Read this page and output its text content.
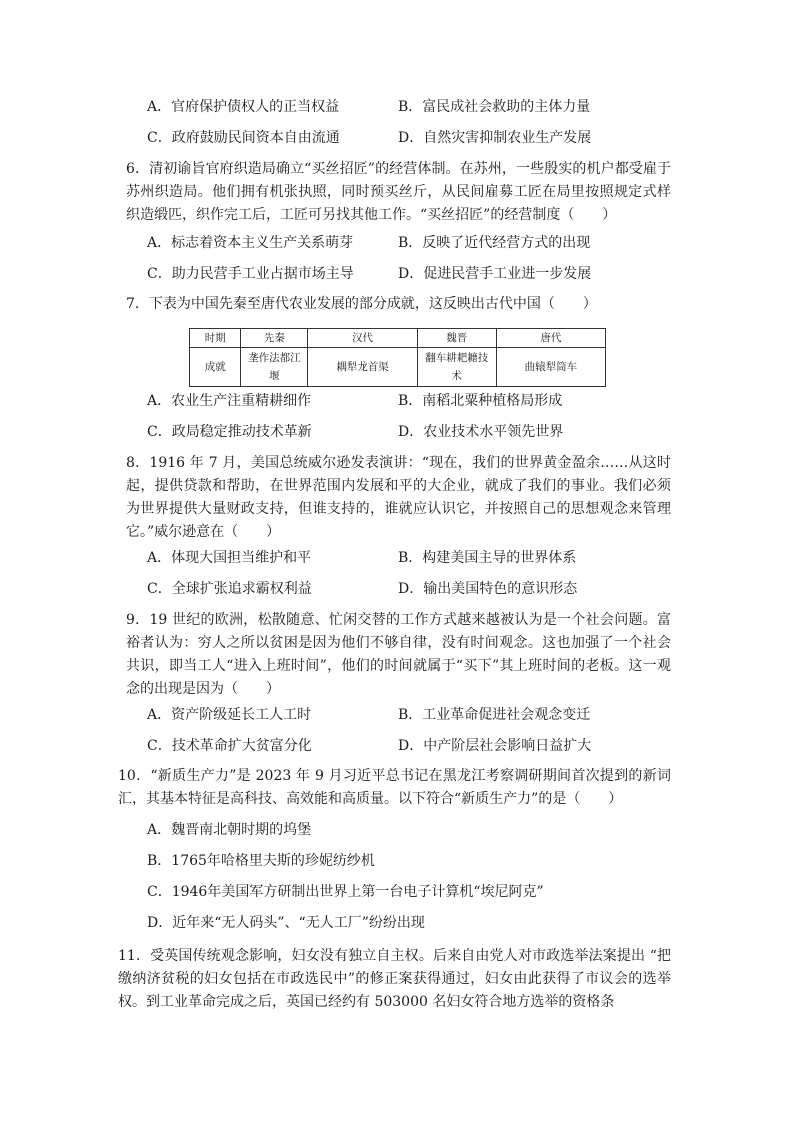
A．官府保护债权人的正当权益	B．富民成社会救助的主体力量
C．政府鼓励民间资本自由流通	D．自然灾害抑制农业生产发展
6．清初谕旨官府织造局确立“买丝招匠”的经营体制。在苏州，一些殷实的机户都受雇于苏州织造局。他们拥有机张执照，同时预买丝斤，从民间雇募工匠在局里按照规定式样织造缎匹，织作完工后，工匠可另找其他工作。“买丝招匠”的经营制度（　　）
A．标志着资本主义生产关系萌芽	B．反映了近代经营方式的出现
C．助力民营手工业占据市场主导	D．促进民营手工业进一步发展
7．下表为中国先秦至唐代农业发展的部分成就，这反映出古代中国（　　）
时期	先秦	汉代	魏晋	唐代
成就	垄作法都江堰	耦犁龙首渠	翻车耕耙耱技术	曲辕犁筒车
A．农业生产注重精耕细作	B．南稻北粟种植格局形成
C．政局稳定推动技术革新	D．农业技术水平领先世界
8．1916 年 7 月，美国总统威尔逊发表演讲：“现在，我们的世界黄金盈余……从这时起，提供贷款和帮助，在世界范围内发展和平的大企业，就成了我们的事业。我们必须为世界提供大量财政支持，但谁支持的，谁就应认识它，并按照自己的思想观念来管理它。”威尔逊意在（　　）
A．体现大国担当维护和平	B．构建美国主导的世界体系
C．全球扩张追求霸权利益	D．输出美国特色的意识形态
9．19 世纪的欧洲，松散随意、忙闲交替的工作方式越来越被认为是一个社会问题。富裕者认为：穷人之所以贫困是因为他们不够自律，没有时间观念。这也加强了一个社会共识，即当工人“进入上班时间”，他们的时间就属于“买下”其上班时间的老板。这一观念的出现是因为（　　）
A．资产阶级延长工人工时	B．工业革命促进社会观念变迁
C．技术革命扩大贫富分化	D．中产阶层社会影响日益扩大
10．“新质生产力”是 2023 年 9 月习近平总书记在黑龙江考察调研期间首次提到的新词汇，其基本特征是高科技、高效能和高质量。以下符合“新质生产力”的是（　　）
A．魏晋南北朝时期的坞堡
B．1765年哈格里夫斯的珍妮纺纱机
C．1946年美国军方研制出世界上第一台电子计算机“埃尼阿克”
D．近年来“无人码头”、“无人工厂”纷纷出现
11．受英国传统观念影响，妇女没有独立自主权。后来自由党人对市政选举法案提出 “把缴纳济贫税的妇女包括在市政选民中”的修正案获得通过，妇女由此获得了市议会的选举权。到工业革命完成之后，英国已经约有 503000 名妇女符合地方选举的资格条
